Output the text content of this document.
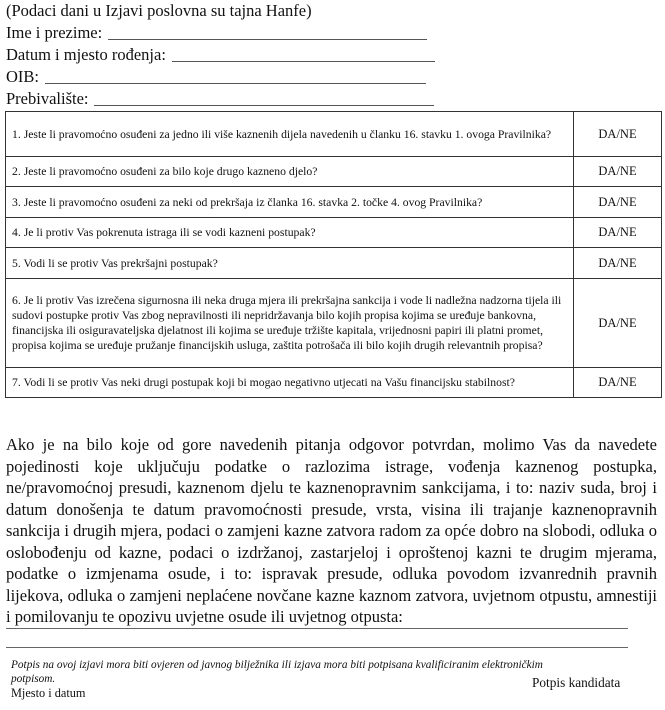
(Podaci dani u Izjavi poslovna su tajna Hanfe)
Ime i prezime:
Datum i mjesto rođenja:
OIB:
Prebivalište:
1. Jeste li pravomoćno osuđeni za jedno ili više kaznenih dijela navedenih u članku 16. stavku 1. ovoga Pravilnika?	DA/NE
2. Jeste li pravomoćno osuđeni za bilo koje drugo kazneno djelo?	DA/NE
3. Jeste li pravomoćno osuđeni za neki od prekršaja iz članka 16. stavka 2. točke 4. ovog Pravilnika?	DA/NE
4. Je li protiv Vas pokrenuta istraga ili se vodi kazneni postupak?	DA/NE
5. Vodi li se protiv Vas prekršajni postupak?	DA/NE
6. Je li protiv Vas izrečena sigurnosna ili neka druga mjera ili prekršajna sankcija i vode li nadležna nadzorna tijela ili sudovi postupke protiv Vas zbog nepravilnosti ili nepridržavanja bilo kojih propisa kojima se uređuje bankovna, financijska ili osiguravateljska djelatnost ili kojima se uređuje tržište kapitala, vrijednosni papiri ili platni promet, propisa kojima se uređuje pružanje financijskih usluga, zaštita potrošača ili bilo kojih drugih relevantnih propisa?	DA/NE
7. Vodi li se protiv Vas neki drugi postupak koji bi mogao negativno utjecati na Vašu financijsku stabilnost?	DA/NE
Ako je na bilo koje od gore navedenih pitanja odgovor potvrdan, molimo Vas da navedete pojedinosti koje uključuju podatke o razlozima istrage, vođenja kaznenog postupka, ne/pravomoćnoj presudi, kaznenom djelu te kaznenopravnim sankcijama, i to: naziv suda, broj i datum donošenja te datum pravomoćnosti presude, vrsta, visina ili trajanje kaznenopravnih sankcija i drugih mjera, podaci o zamjeni kazne zatvora radom za opće dobro na slobodi, odluka o oslobođenju od kazne, podaci o izdržanoj, zastarjeloj i oproštenoj kazni te drugim mjerama, podatke o izmjenama osude, i to: ispravak presude, odluka povodom izvanrednih pravnih lijekova, odluka o zamjeni neplaćene novčane kazne kaznom zatvora, uvjetnom otpustu, amnestiji i pomilovanju te opozivu uvjetne osude ili uvjetnog otpusta:
Potpis na ovoj izjavi mora biti ovjeren od javnog bilježnika ili izjava mora biti potpisana kvalificiranim elektroničkim potpisom.
Mjesto i datum
Potpis kandidata
